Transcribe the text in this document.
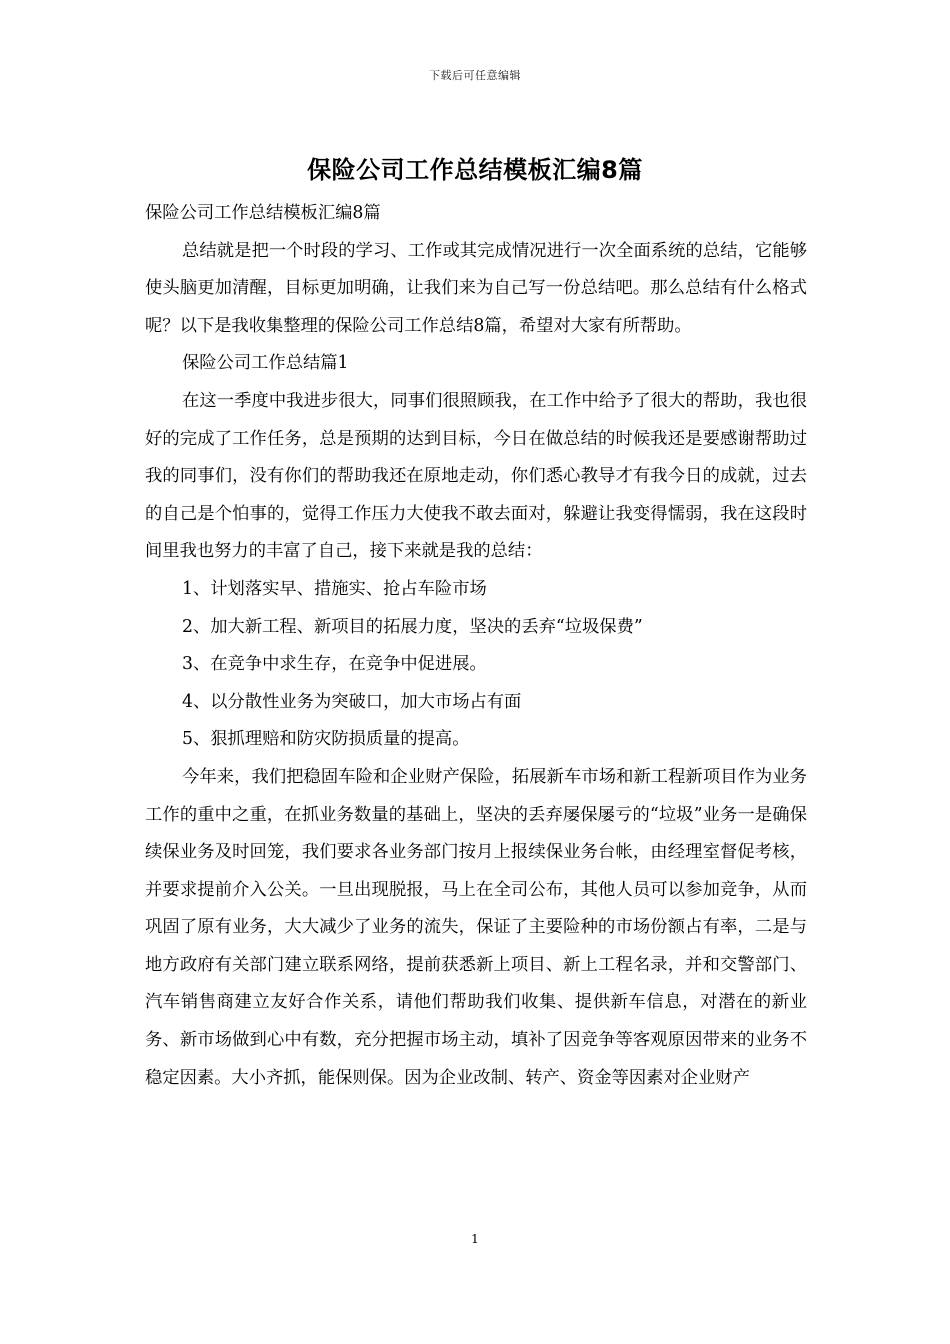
下载后可任意编辑
保险公司工作总结模板汇编8篇

保险公司工作总结模板汇编8篇

总结就是把一个时段的学习、工作或其完成情况进行一次全面系统的总结，它能够使头脑更加清醒，目标更加明确，让我们来为自己写一份总结吧。那么总结有什么格式呢？以下是我收集整理的保险公司工作总结8篇，希望对大家有所帮助。

保险公司工作总结篇1

在这一季度中我进步很大，同事们很照顾我，在工作中给予了很大的帮助，我也很好的完成了工作任务，总是预期的达到目标，今日在做总结的时候我还是要感谢帮助过我的同事们，没有你们的帮助我还在原地走动，你们悉心教导才有我今日的成就，过去的自己是个怕事的，觉得工作压力大使我不敢去面对，躲避让我变得懦弱，我在这段时间里我也努力的丰富了自己，接下来就是我的总结：

1、计划落实早、措施实、抢占车险市场

2、加大新工程、新项目的拓展力度，坚决的丢弃“垃圾保费”

3、在竞争中求生存，在竞争中促进展。

4、以分散性业务为突破口，加大市场占有面

5、狠抓理赔和防灾防损质量的提高。

今年来，我们把稳固车险和企业财产保险，拓展新车市场和新工程新项目作为业务工作的重中之重，在抓业务数量的基础上，坚决的丢弃屡保屡亏的“垃圾”业务一是确保续保业务及时回笼，我们要求各业务部门按月上报续保业务台帐，由经理室督促考核，并要求提前介入公关。一旦出现脱报，马上在全司公布，其他人员可以参加竞争，从而巩固了原有业务，大大减少了业务的流失，保证了主要险种的市场份额占有率，二是与地方政府有关部门建立联系网络，提前获悉新上项目、新上工程名录，并和交警部门、汽车销售商建立友好合作关系，请他们帮助我们收集、提供新车信息，对潜在的新业务、新市场做到心中有数，充分把握市场主动，填补了因竞争等客观原因带来的业务不稳定因素。大小齐抓，能保则保。因为企业改制、转产、资金等因素对企业财产

1
